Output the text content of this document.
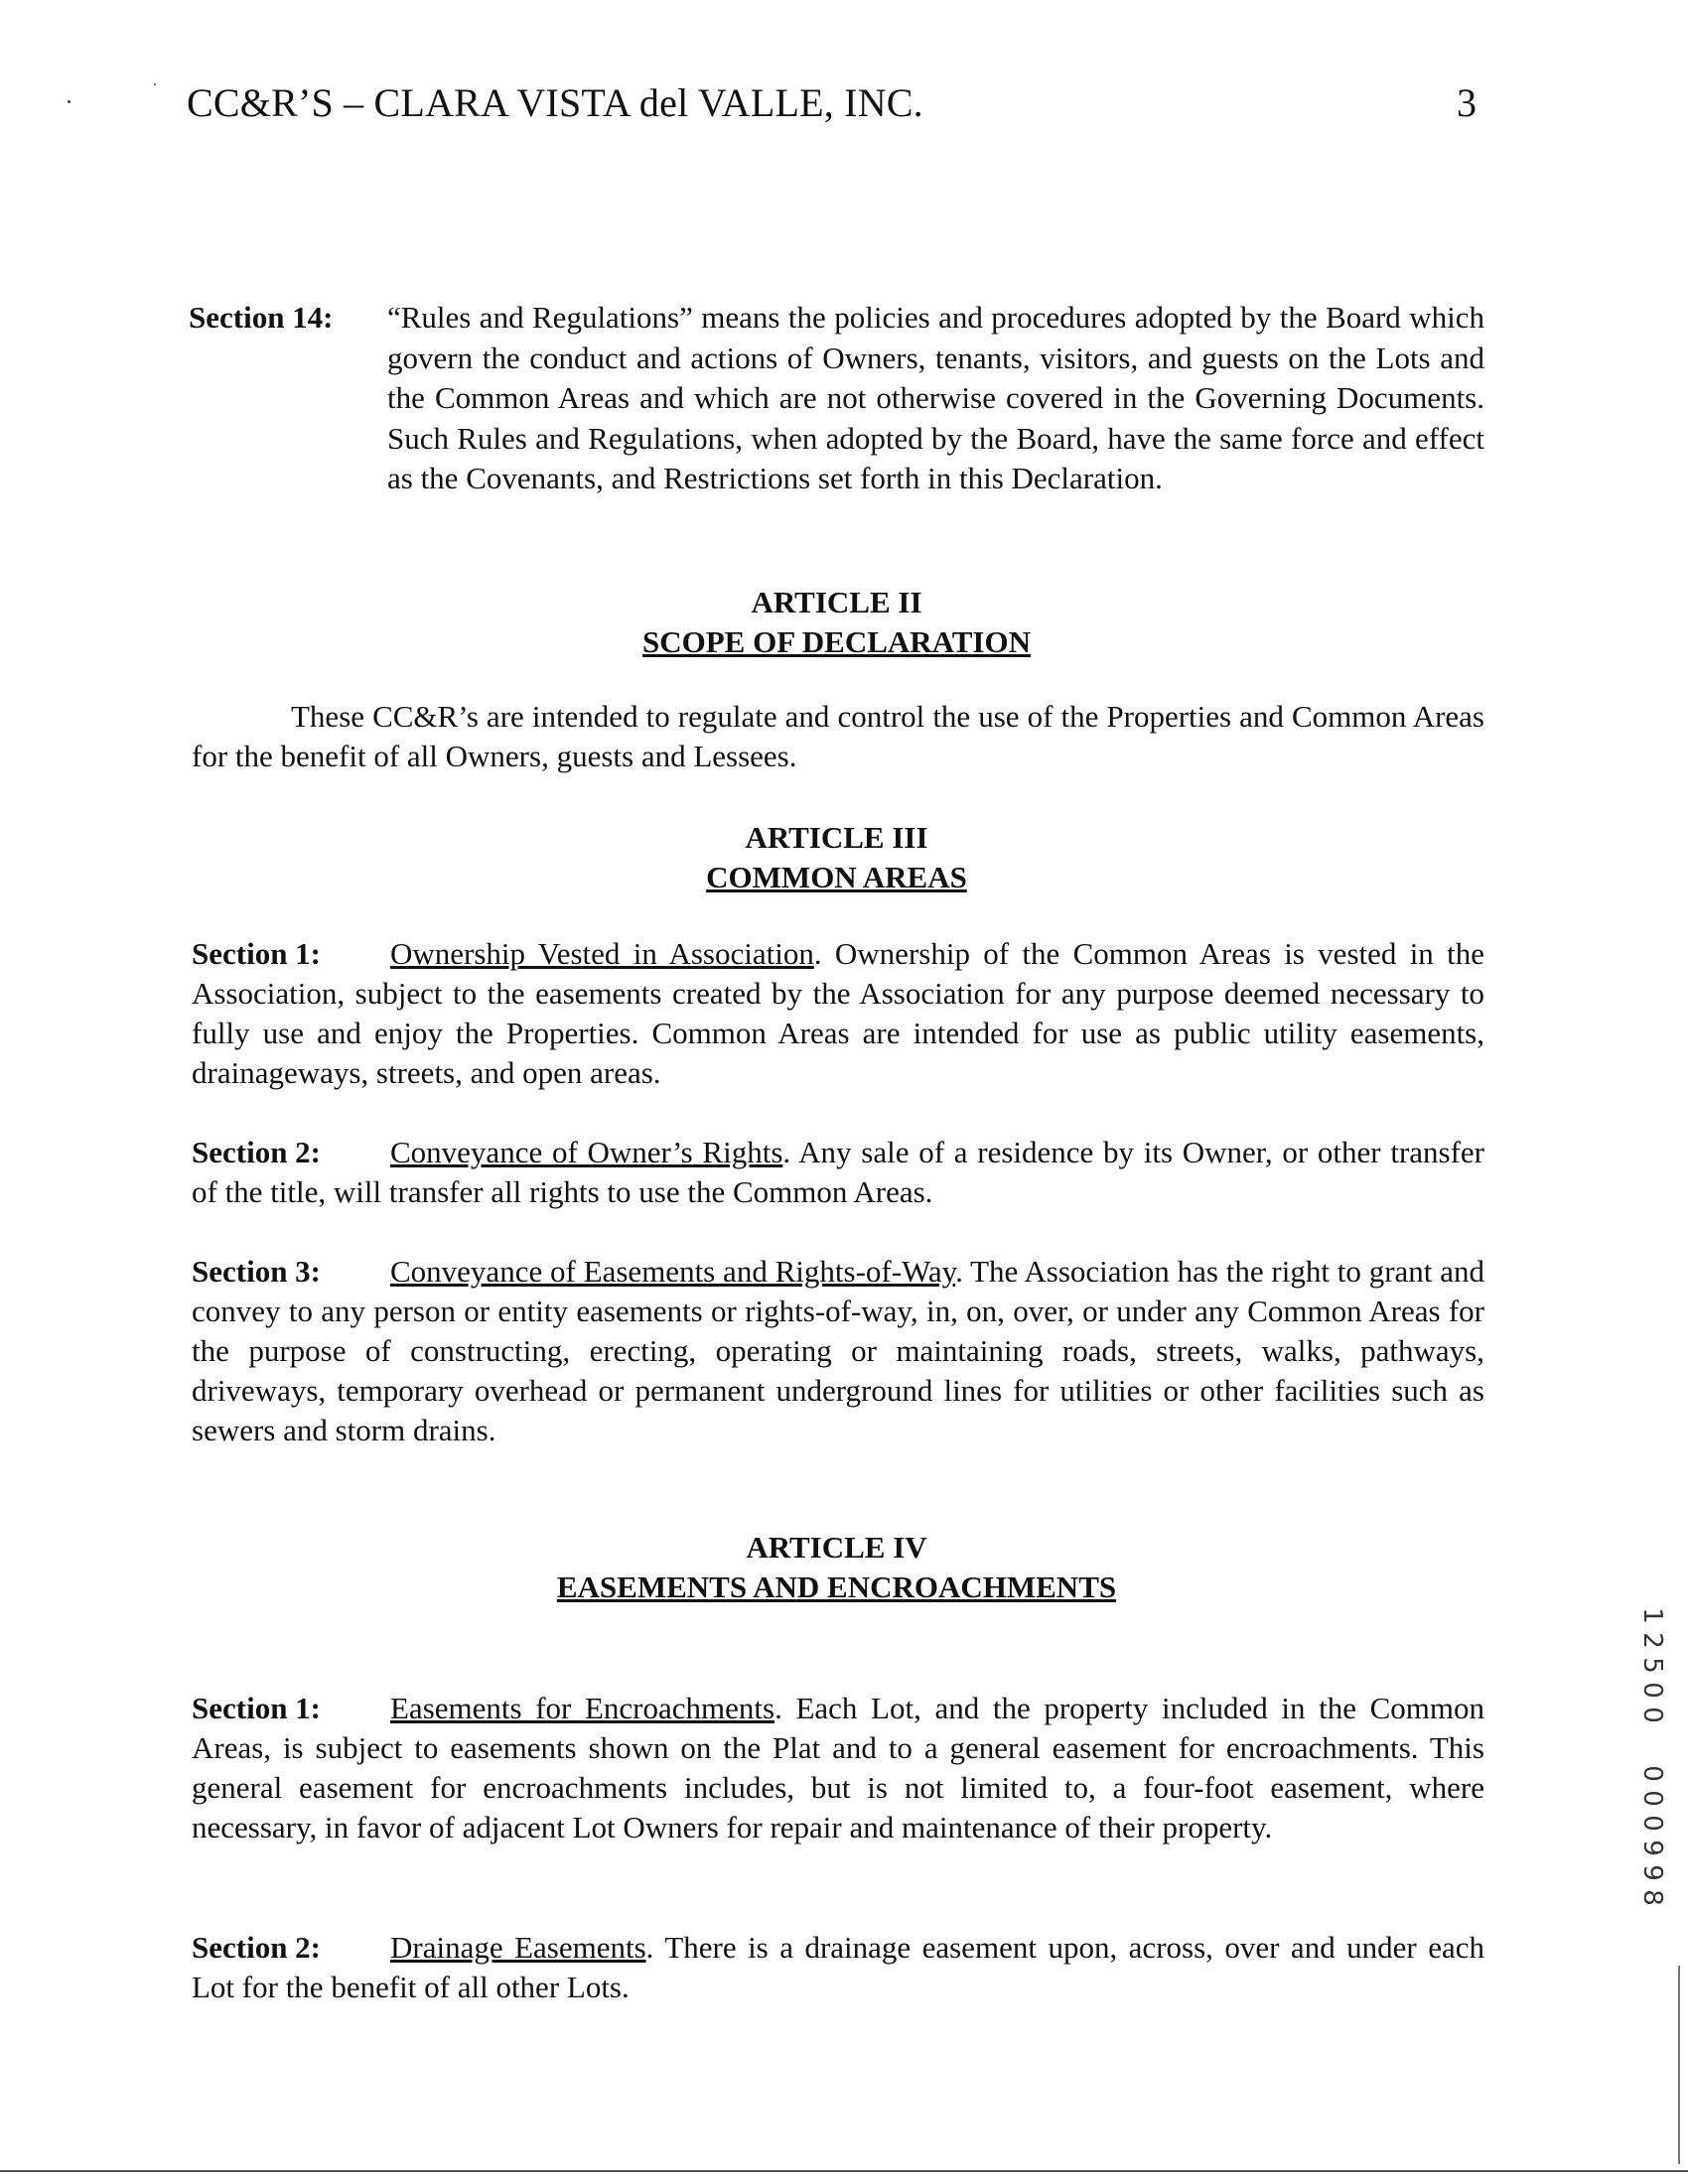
CC&R’S – CLARA VISTA del VALLE, INC.	3
Section 14: “Rules and Regulations” means the policies and procedures adopted by the Board which govern the conduct and actions of Owners, tenants, visitors, and guests on the Lots and the Common Areas and which are not otherwise covered in the Governing Documents. Such Rules and Regulations, when adopted by the Board, have the same force and effect as the Covenants, and Restrictions set forth in this Declaration.
ARTICLE II
SCOPE OF DECLARATION

These CC&R’s are intended to regulate and control the use of the Properties and Common Areas for the benefit of all Owners, guests and Lessees.

ARTICLE III
COMMON AREAS

Section 1: Ownership Vested in Association. Ownership of the Common Areas is vested in the Association, subject to the easements created by the Association for any purpose deemed necessary to fully use and enjoy the Properties. Common Areas are intended for use as public utility easements, drainageways, streets, and open areas.

Section 2: Conveyance of Owner’s Rights. Any sale of a residence by its Owner, or other transfer of the title, will transfer all rights to use the Common Areas.

Section 3: Conveyance of Easements and Rights-of-Way. The Association has the right to grant and convey to any person or entity easements or rights-of-way, in, on, over, or under any Common Areas for the purpose of constructing, erecting, operating or maintaining roads, streets, walks, pathways, driveways, temporary overhead or permanent underground lines for utilities or other facilities such as sewers and storm drains.

ARTICLE IV
EASEMENTS AND ENCROACHMENTS

Section 1: Easements for Encroachments. Each Lot, and the property included in the Common Areas, is subject to easements shown on the Plat and to a general easement for encroachments. This general easement for encroachments includes, but is not limited to, a four-foot easement, where necessary, in favor of adjacent Lot Owners for repair and maintenance of their property.

Section 2: Drainage Easements. There is a drainage easement upon, across, over and under each Lot for the benefit of all other Lots.

1
2
5
0
0
0
0
0
9
9
8
